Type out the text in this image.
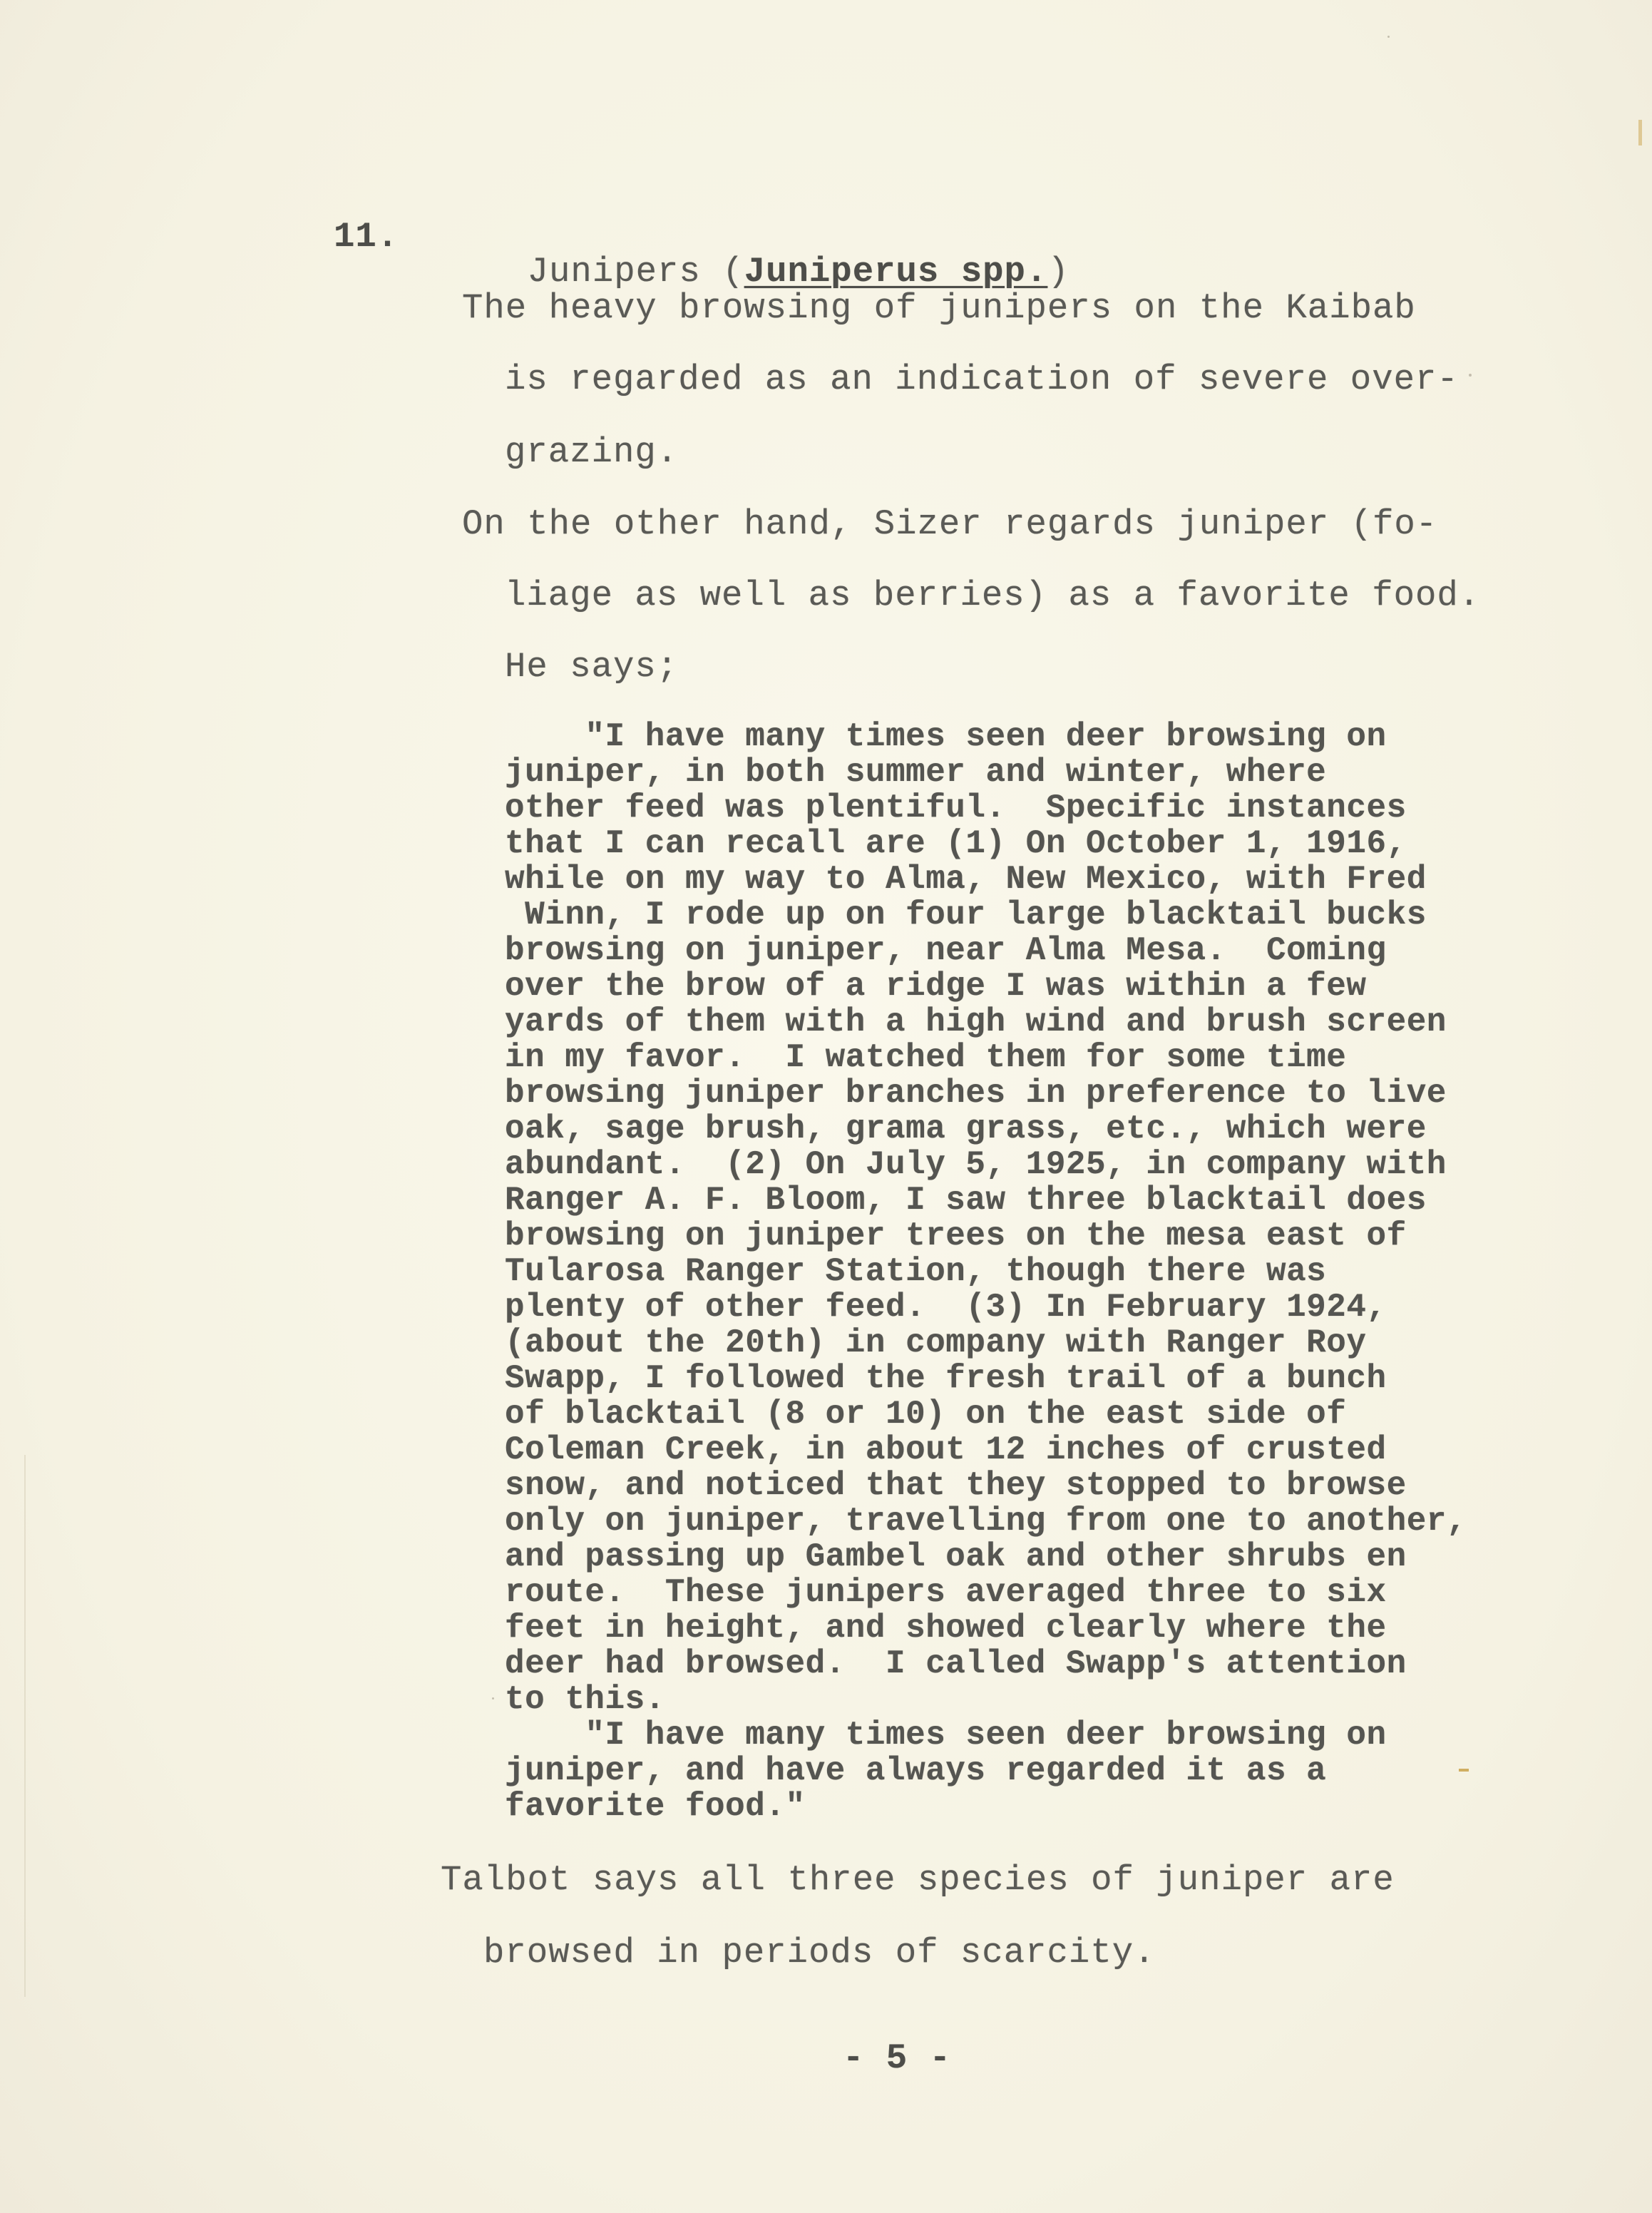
11.

Junipers (Juniperus spp.)

The heavy browsing of junipers on the Kaibab
is regarded as an indication of severe over-
grazing.
On the other hand, Sizer regards juniper (fo-
liage as well as berries) as a favorite food.
He says;
"I have many times seen deer browsing on
juniper, in both summer and winter, where
other feed was plentiful.  Specific instances
that I can recall are (1) On October 1, 1916,
while on my way to Alma, New Mexico, with Fred
Winn, I rode up on four large blacktail bucks
browsing on juniper, near Alma Mesa.  Coming
over the brow of a ridge I was within a few
yards of them with a high wind and brush screen
in my favor.  I watched them for some time
browsing juniper branches in preference to live
oak, sage brush, grama grass, etc., which were
abundant.  (2) On July 5, 1925, in company with
Ranger A. F. Bloom, I saw three blacktail does
browsing on juniper trees on the mesa east of
Tularosa Ranger Station, though there was
plenty of other feed.  (3) In February 1924,
(about the 20th) in company with Ranger Roy
Swapp, I followed the fresh trail of a bunch
of blacktail (8 or 10) on the east side of
Coleman Creek, in about 12 inches of crusted
snow, and noticed that they stopped to browse
only on juniper, travelling from one to another,
and passing up Gambel oak and other shrubs en
route.  These junipers averaged three to six
feet in height, and showed clearly where the
deer had browsed.  I called Swapp's attention
to this.
"I have many times seen deer browsing on
juniper, and have always regarded it as a
favorite food."
Talbot says all three species of juniper are
browsed in periods of scarcity.
- 5 -
